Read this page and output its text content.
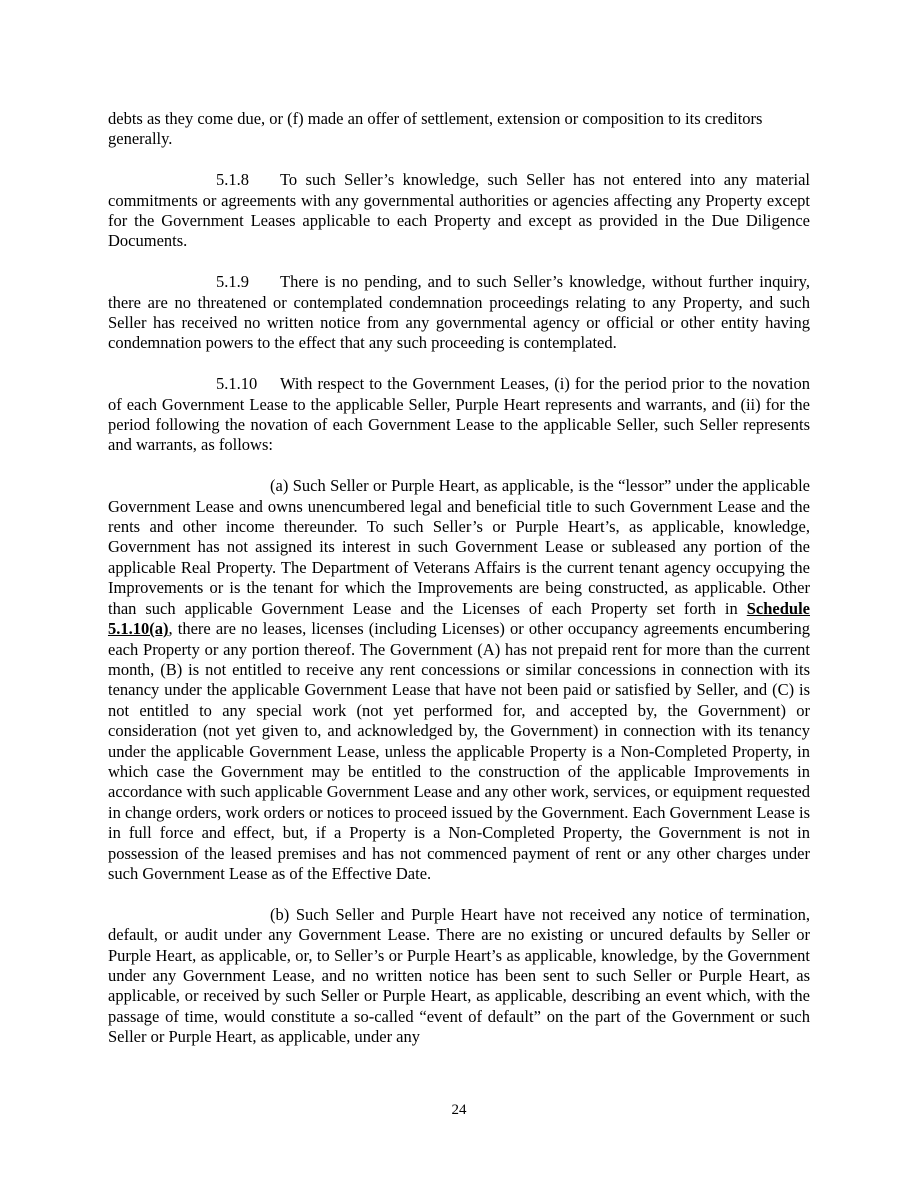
debts as they come due, or (f) made an offer of settlement, extension or composition to its creditors generally.

5.1.8 To such Seller’s knowledge, such Seller has not entered into any material commitments or agreements with any governmental authorities or agencies affecting any Property except for the Government Leases applicable to each Property and except as provided in the Due Diligence Documents.

5.1.9 There is no pending, and to such Seller’s knowledge, without further inquiry, there are no threatened or contemplated condemnation proceedings relating to any Property, and such Seller has received no written notice from any governmental agency or official or other entity having condemnation powers to the effect that any such proceeding is contemplated.

5.1.10 With respect to the Government Leases, (i) for the period prior to the novation of each Government Lease to the applicable Seller, Purple Heart represents and warrants, and (ii) for the period following the novation of each Government Lease to the applicable Seller, such Seller represents and warrants, as follows:

(a) Such Seller or Purple Heart, as applicable, is the “lessor” under the applicable Government Lease and owns unencumbered legal and beneficial title to such Government Lease and the rents and other income thereunder. To such Seller’s or Purple Heart’s, as applicable, knowledge, Government has not assigned its interest in such Government Lease or subleased any portion of the applicable Real Property. The Department of Veterans Affairs is the current tenant agency occupying the Improvements or is the tenant for which the Improvements are being constructed, as applicable. Other than such applicable Government Lease and the Licenses of each Property set forth in Schedule 5.1.10(a), there are no leases, licenses (including Licenses) or other occupancy agreements encumbering each Property or any portion thereof. The Government (A) has not prepaid rent for more than the current month, (B) is not entitled to receive any rent concessions or similar concessions in connection with its tenancy under the applicable Government Lease that have not been paid or satisfied by Seller, and (C) is not entitled to any special work (not yet performed for, and accepted by, the Government) or consideration (not yet given to, and acknowledged by, the Government) in connection with its tenancy under the applicable Government Lease, unless the applicable Property is a Non-Completed Property, in which case the Government may be entitled to the construction of the applicable Improvements in accordance with such applicable Government Lease and any other work, services, or equipment requested in change orders, work orders or notices to proceed issued by the Government. Each Government Lease is in full force and effect, but, if a Property is a Non-Completed Property, the Government is not in possession of the leased premises and has not commenced payment of rent or any other charges under such Government Lease as of the Effective Date.

(b) Such Seller and Purple Heart have not received any notice of termination, default, or audit under any Government Lease. There are no existing or uncured defaults by Seller or Purple Heart, as applicable, or, to Seller’s or Purple Heart’s as applicable, knowledge, by the Government under any Government Lease, and no written notice has been sent to such Seller or Purple Heart, as applicable, or received by such Seller or Purple Heart, as applicable, describing an event which, with the passage of time, would constitute a so-called “event of default” on the part of the Government or such Seller or Purple Heart, as applicable, under any

24
